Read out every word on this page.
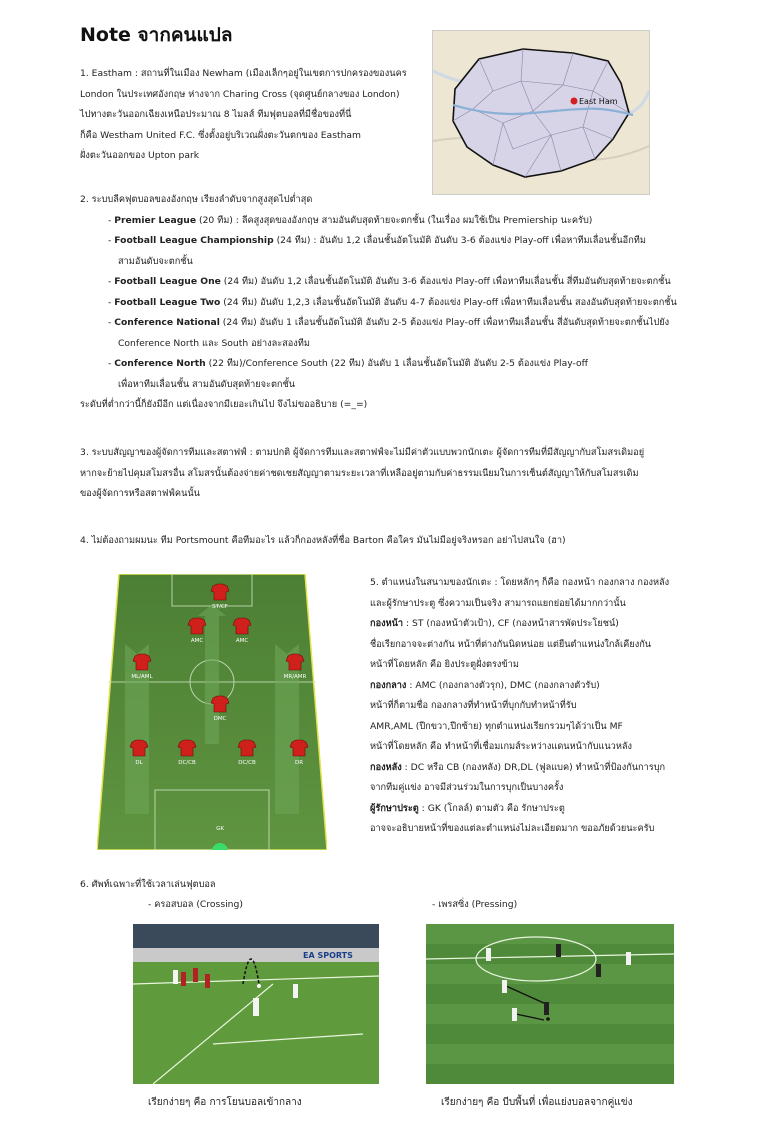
Note จากคนแปล
1. Eastham : สถานที่ในเมือง Newham (เมืองเล็กๆอยู่ในเขตการปกครองของนคร
London ในประเทศอังกฤษ ห่างจาก Charing Cross (จุดศูนย์กลางของ London)
ไปทางตะวันออกเฉียงเหนือประมาณ 8 ไมลส์ ทีมฟุตบอลที่มีชื่อของที่นี่
ก็คือ Westham United F.C. ซึ่งตั้งอยู่บริเวณฝั่งตะวันตกของ Eastham
ฝั่งตะวันออกของ Upton park
East Ham
2. ระบบลีคฟุตบอลของอังกฤษ เรียงลำดับจากสูงสุดไปต่ำสุด
- Premier League (20 ทีม) : ลีคสูงสุดของอังกฤษ สามอันดับสุดท้ายจะตกชั้น (ในเรื่อง ผมใช้เป็น Premiership นะครับ)
- Football League Championship (24 ทีม) : อันดับ 1,2 เลื่อนชั้นอัตโนมัติ อันดับ 3-6 ต้องแข่ง Play-off เพื่อหาทีมเลื่อนชั้นอีกทีม
สามอันดับจะตกชั้น
- Football League One (24 ทีม) อันดับ 1,2 เลื่อนชั้นอัตโนมัติ อันดับ 3-6 ต้องแข่ง Play-off เพื่อหาทีมเลื่อนชั้น สี่ทีมอันดับสุดท้ายจะตกชั้น
- Football League Two (24 ทีม) อันดับ 1,2,3 เลื่อนชั้นอัตโนมัติ อันดับ 4-7 ต้องแข่ง Play-off เพื่อหาทีมเลื่อนชั้น สองอันดับสุดท้ายจะตกชั้น
- Conference National (24 ทีม) อันดับ 1 เลื่อนชั้นอัตโนมัติ อันดับ 2-5 ต้องแข่ง Play-off เพื่อหาทีมเลื่อนชั้น สี่อันดับสุดท้ายจะตกชั้นไปยัง
Conference North และ South อย่างละสองทีม
- Conference North (22 ทีม)/Conference South (22 ทีม) อันดับ 1 เลื่อนชั้นอัตโนมัติ อันดับ 2-5 ต้องแข่ง Play-off
เพื่อหาทีมเลื่อนชั้น สามอันดับสุดท้ายจะตกชั้น
ระดับที่ต่ำกว่านี้ก็ยังมีอีก แต่เนื่องจากมีเยอะเกินไป จึงไม่ขออธิบาย (=_=)
3. ระบบสัญญาของผู้จัดการทีมและสตาฟฟ์ : ตามปกติ ผู้จัดการทีมและสตาฟฟ์จะไม่มีค่าตัวแบบพวกนักเตะ ผู้จัดการทีมที่มีสัญญากับสโมสรเดิมอยู่
หากจะย้ายไปคุมสโมสรอื่น สโมสรนั้นต้องจ่ายค่าชดเชยสัญญาตามระยะเวลาที่เหลืออยู่ตามกับค่าธรรมเนียมในการเซ็นต์สัญญาให้กับสโมสรเดิม
ของผู้จัดการหรือสตาฟฟ์คนนั้น
4. ไม่ต้องถามผมนะ ทีม Portsmount คือทีมอะไร แล้วก็กองหลังที่ชื่อ Barton คือใคร มันไม่มีอยู่จริงหรอก อย่าไปสนใจ (ฮา)
ST/CF
AMC	AMC
ML/AML	MR/AMR
DMC
DL	DC/CB	DC/CB	DR
GK
5. ตำแหน่งในสนามของนักเตะ : โดยหลักๆ ก็คือ กองหน้า กองกลาง กองหลัง
และผู้รักษาประตู ซึ่งความเป็นจริง สามารถแยกย่อยได้มากกว่านั้น
กองหน้า : ST (กองหน้าตัวเป้า), CF (กองหน้าสารพัดประโยชน์)
ชื่อเรียกอาจจะต่างกัน หน้าที่ต่างกันนิดหน่อย แต่ยืนตำแหน่งใกล้เคียงกัน
หน้าที่โดยหลัก คือ ยิงประตูฝั่งตรงข้าม
กองกลาง : AMC (กองกลางตัวรุก), DMC (กองกลางตัวรับ)
หน้าที่ก็ตามชื่อ กองกลางที่ทำหน้าที่บุกกับทำหน้าที่รับ
AMR,AML (ปีกขวา,ปีกซ้าย) ทุกตำแหน่งเรียกรวมๆได้ว่าเป็น MF
หน้าที่โดยหลัก คือ ทำหน้าที่เชื่อมเกมส์ระหว่างแดนหน้ากับแนวหลัง
กองหลัง : DC หรือ CB (กองหลัง) DR,DL (ฟูลแบค) ทำหน้าที่ป้องกันการบุก
จากทีมคู่แข่ง อาจมีส่วนร่วมในการบุกเป็นบางครั้ง
ผู้รักษาประตู : GK (โกลล์) ตามตัว คือ รักษาประตู
อาจจะอธิบายหน้าที่ของแต่ละตำแหน่งไม่ละเอียดมาก ขออภัยด้วยนะครับ
6. ศัพท์เฉพาะที่ใช้เวลาเล่นฟุตบอล
- ครอสบอล (Crossing)	- เพรสซิ่ง (Pressing)
EA SPORTS
เรียกง่ายๆ คือ การโยนบอลเข้ากลาง	เรียกง่ายๆ คือ บีบพื้นที่ เพื่อแย่งบอลจากคู่แข่ง
